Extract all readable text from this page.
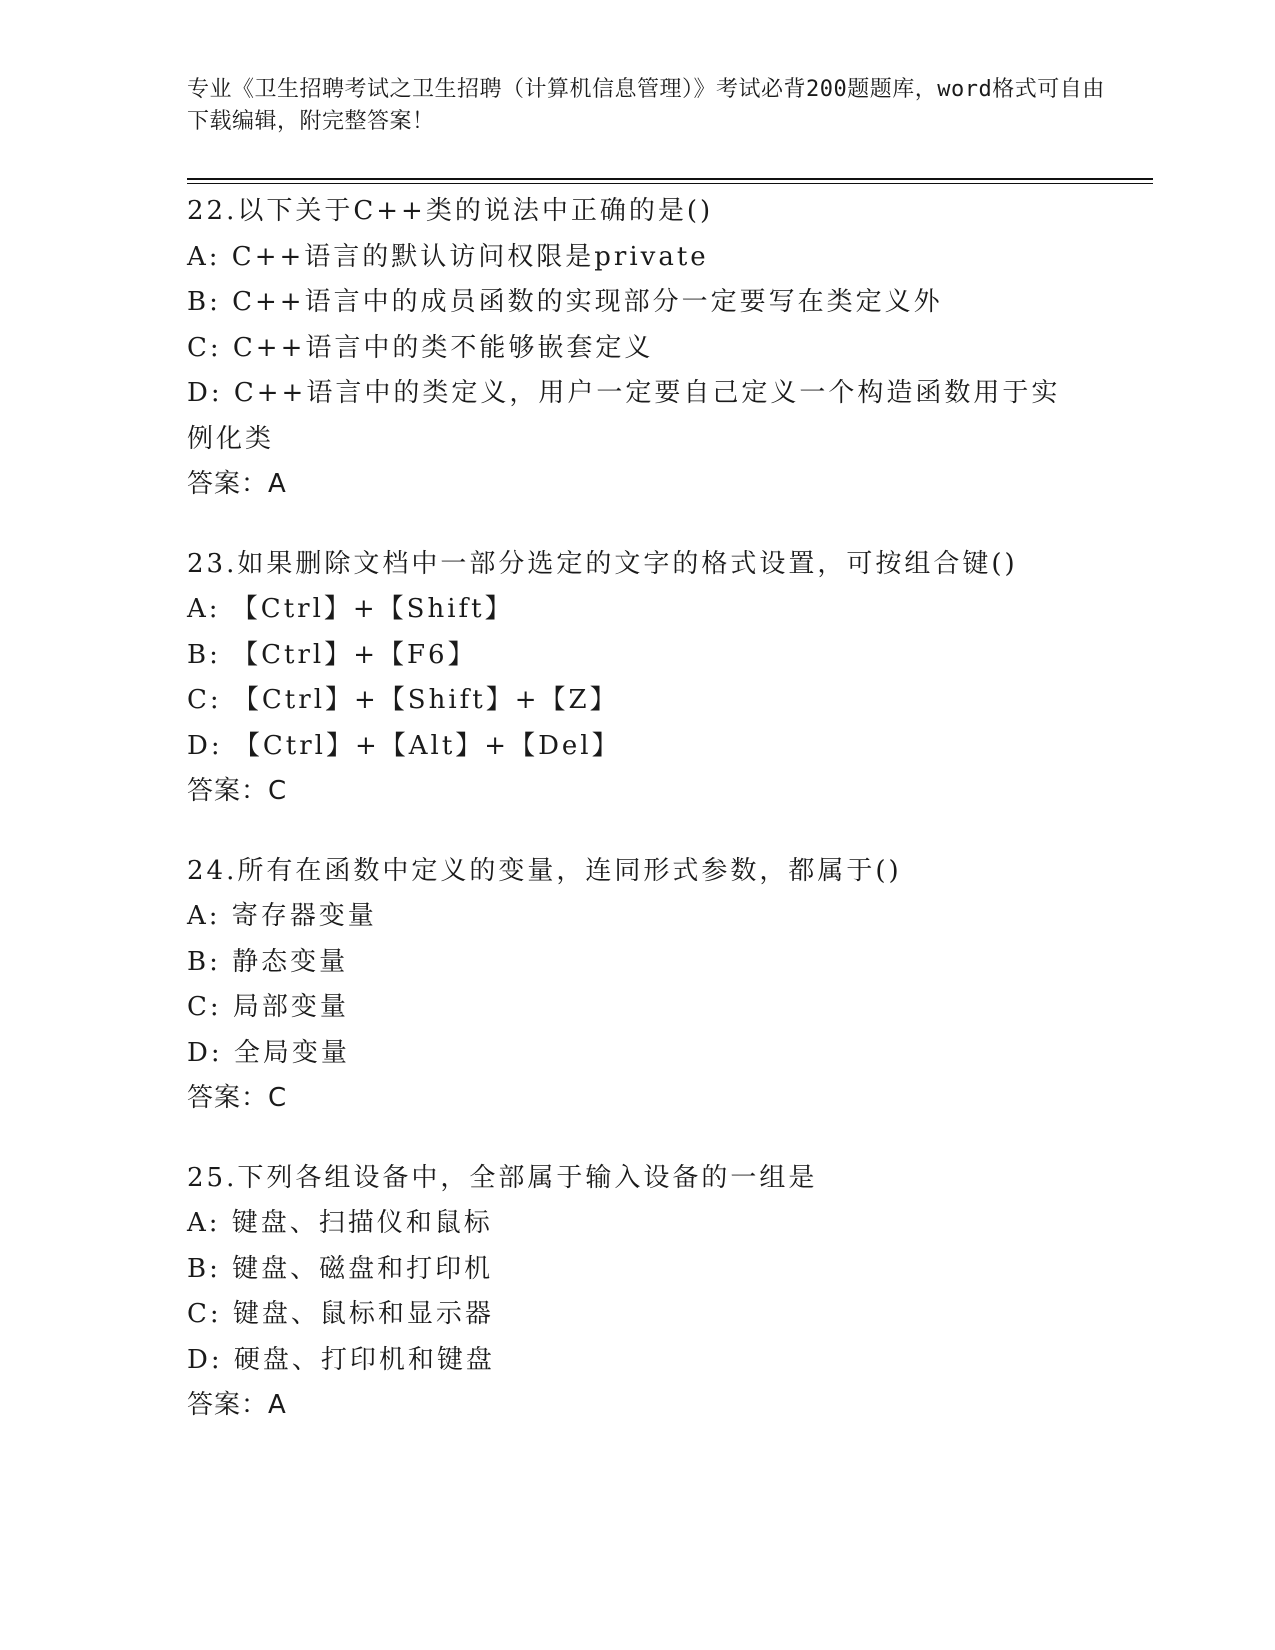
专业《卫生招聘考试之卫生招聘（计算机信息管理）》考试必背200题题库，word格式可自由下载编辑，附完整答案！
22.以下关于C++类的说法中正确的是()
A: C++语言的默认访问权限是private
B: C++语言中的成员函数的实现部分一定要写在类定义外
C: C++语言中的类不能够嵌套定义
D: C++语言中的类定义，用户一定要自己定义一个构造函数用于实例化类
答案：A
23.如果删除文档中一部分选定的文字的格式设置，可按组合键()
A: 【Ctrl】+【Shift】
B: 【Ctrl】+【F6】
C: 【Ctrl】+【Shift】+【Z】
D: 【Ctrl】+【Alt】+【Del】
答案：C
24.所有在函数中定义的变量，连同形式参数，都属于()
A: 寄存器变量
B: 静态变量
C: 局部变量
D: 全局变量
答案：C
25.下列各组设备中，全部属于输入设备的一组是
A: 键盘、扫描仪和鼠标
B: 键盘、磁盘和打印机
C: 键盘、鼠标和显示器
D: 硬盘、打印机和键盘
答案：A
